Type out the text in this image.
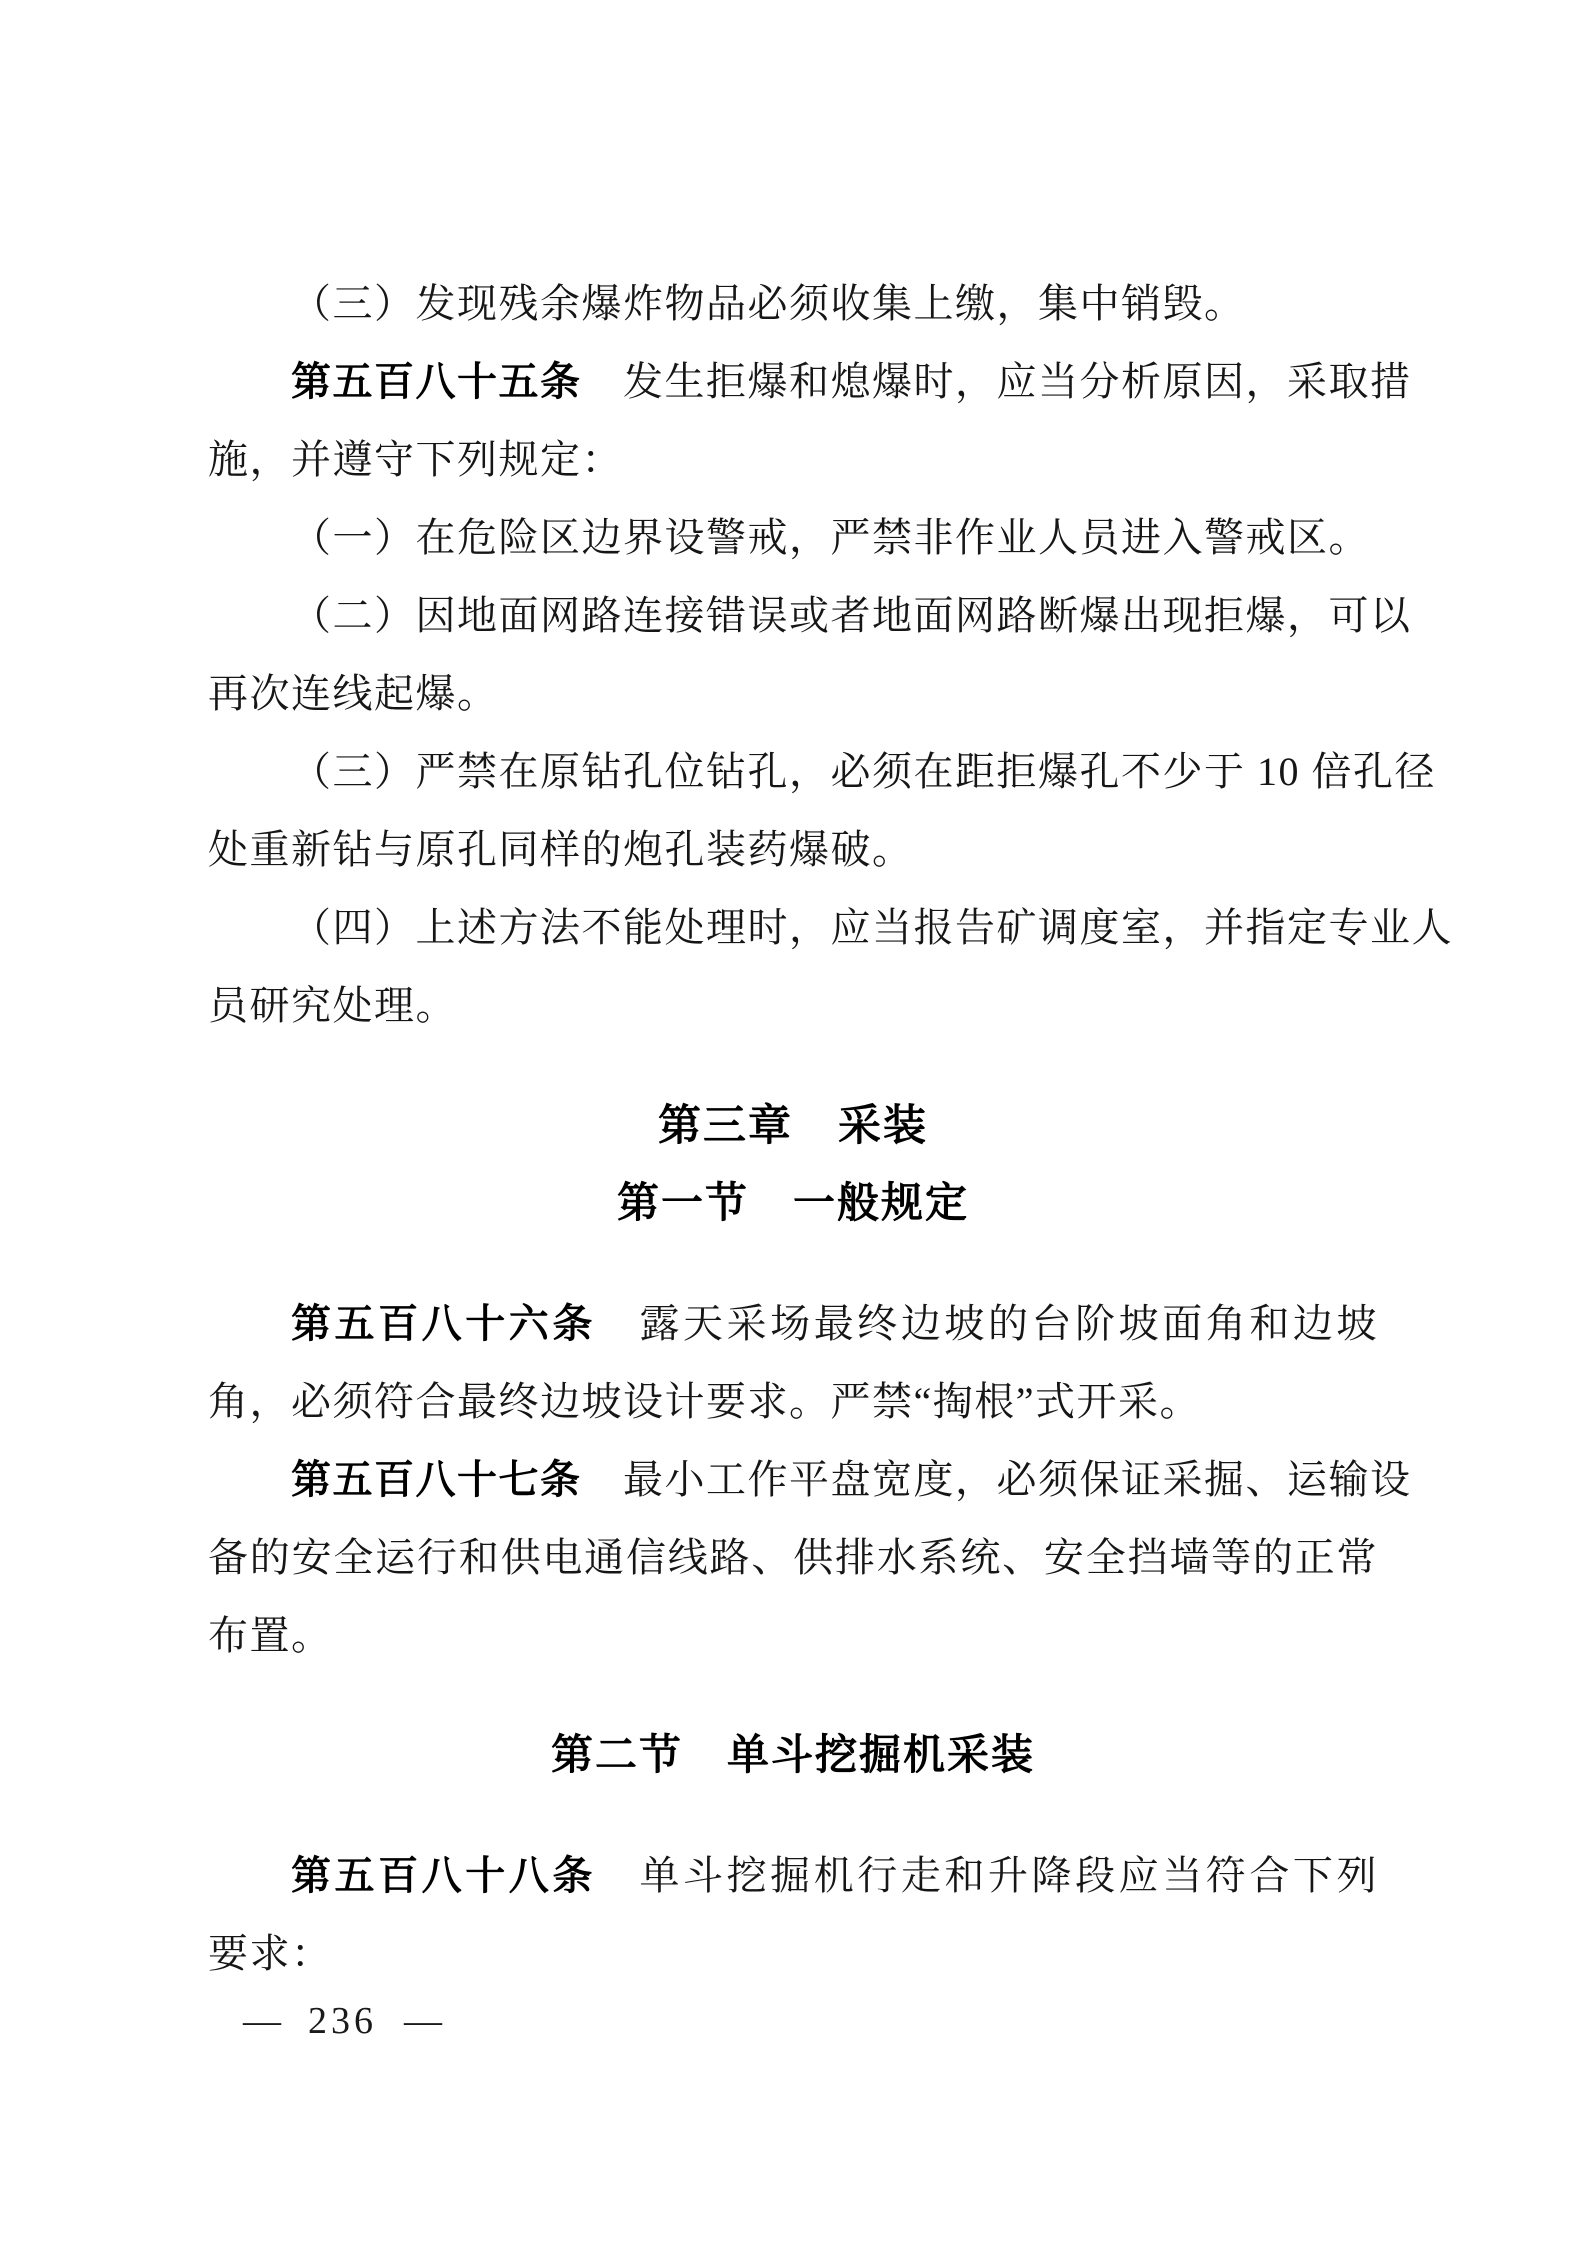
（三）发现残余爆炸物品必须收集上缴，集中销毁。
第五百八十五条　发生拒爆和熄爆时，应当分析原因，采取措
施，并遵守下列规定：
（一）在危险区边界设警戒，严禁非作业人员进入警戒区。
（二）因地面网路连接错误或者地面网路断爆出现拒爆，可以
再次连线起爆。
（三）严禁在原钻孔位钻孔，必须在距拒爆孔不少于 10 倍孔径
处重新钻与原孔同样的炮孔装药爆破。
（四）上述方法不能处理时，应当报告矿调度室，并指定专业人
员研究处理。
第三章　采装
第一节　一般规定
第五百八十六条　露天采场最终边坡的台阶坡面角和边坡
角，必须符合最终边坡设计要求。严禁“掏根”式开采。
第五百八十七条　最小工作平盘宽度，必须保证采掘、运输设
备的安全运行和供电通信线路、供排水系统、安全挡墙等的正常
布置。
第二节　单斗挖掘机采装
第五百八十八条　单斗挖掘机行走和升降段应当符合下列
要求：
— 236 —
